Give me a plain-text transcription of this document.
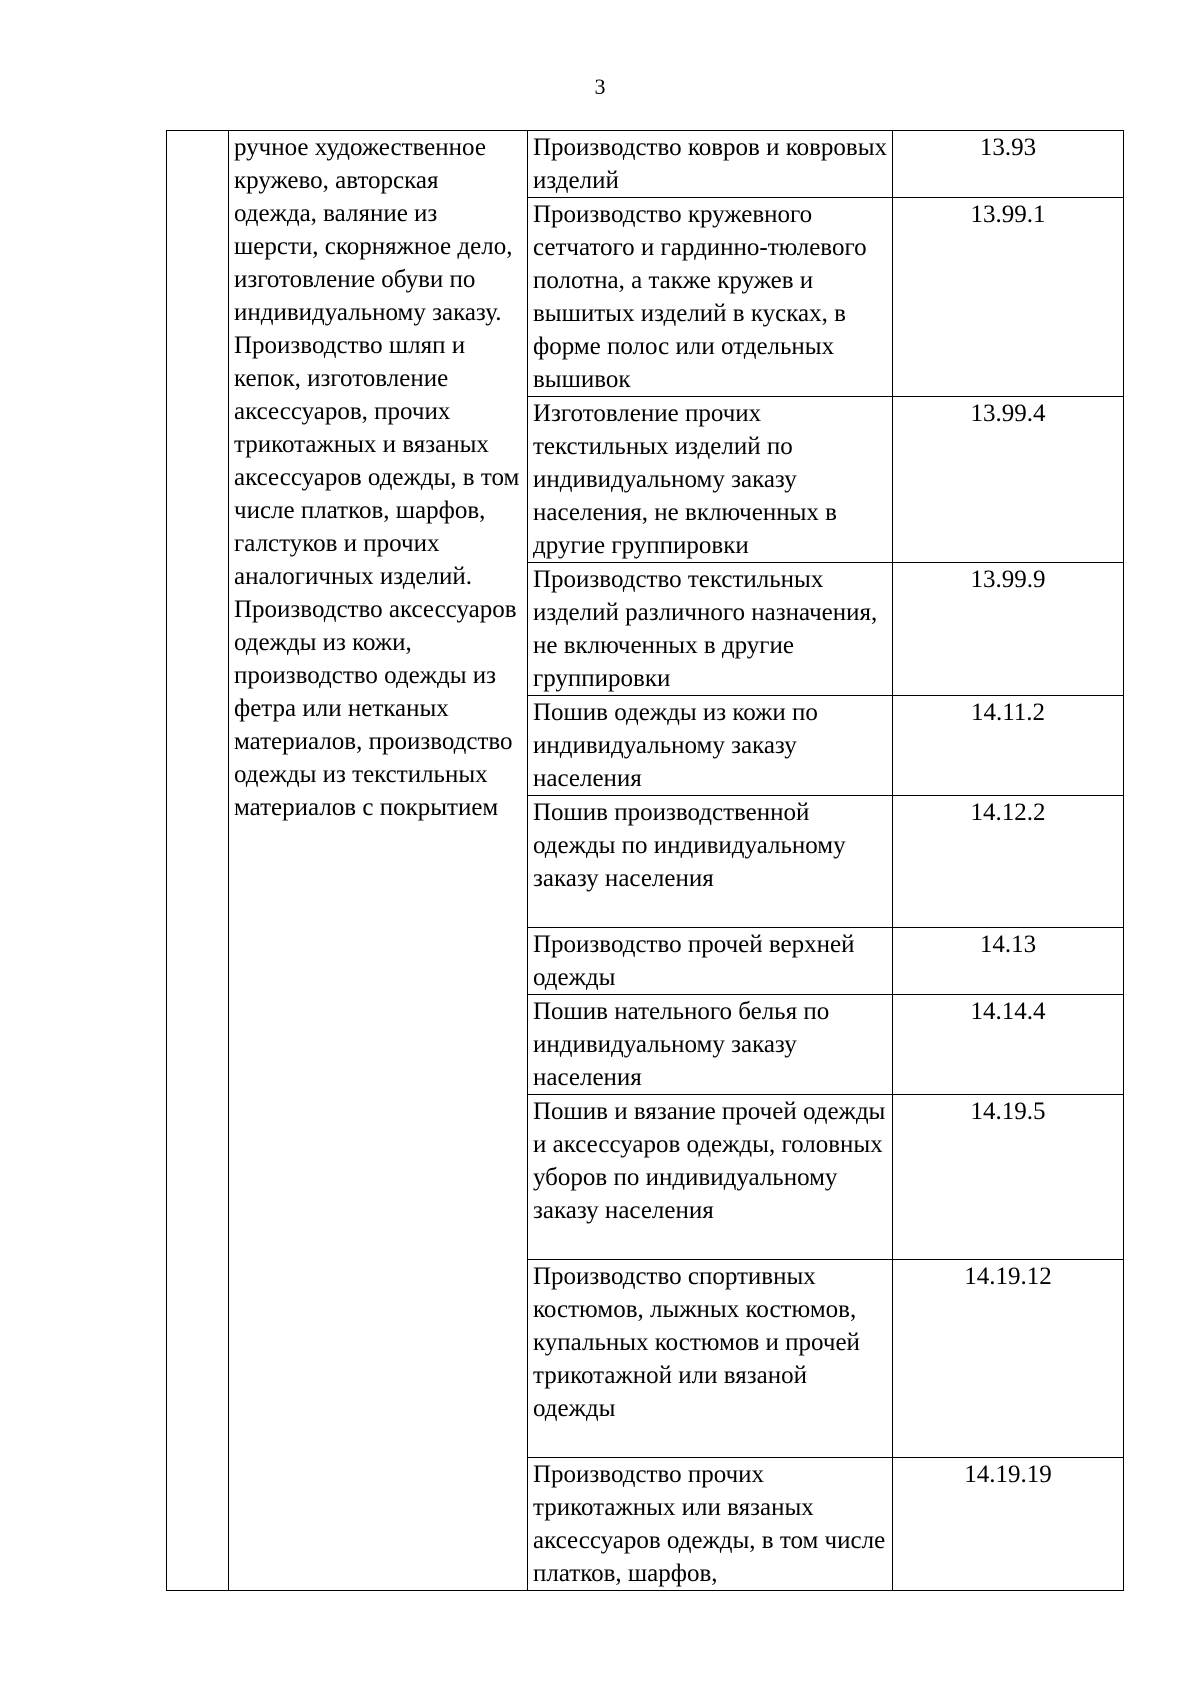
3

	ручное художественное кружево, авторская одежда, валяние из шерсти, скорняжное дело, изготовление обуви по индивидуальному заказу. Производство шляп и кепок, изготовление аксессуаров, прочих трикотажных и вязаных аксессуаров одежды, в том числе платков, шарфов, галстуков и прочих аналогичных изделий. Производство аксессуаров одежды из кожи, производство одежды из фетра или нетканых материалов, производство одежды из текстильных материалов с покрытием	Производство ковров и ковровых изделий	13.93

		Производство кружевного сетчатого и гардинно-тюлевого полотна, а также кружев и вышитых изделий в кусках, в форме полос или отдельных вышивок	13.99.1

		Изготовление прочих текстильных изделий по индивидуальному заказу населения, не включенных в другие группировки	13.99.4

		Производство текстильных изделий различного назначения, не включенных в другие группировки	13.99.9

		Пошив одежды из кожи по индивидуальному заказу населения	14.11.2

		Пошив производственной одежды по индивидуальному заказу населения	14.12.2

		Производство прочей верхней одежды	14.13

		Пошив нательного белья по индивидуальному заказу населения	14.14.4

		Пошив и вязание прочей одежды и аксессуаров одежды, головных уборов по индивидуальному заказу населения	14.19.5

		Производство спортивных костюмов, лыжных костюмов, купальных костюмов и прочей трикотажной или вязаной одежды	14.19.12

		Производство прочих трикотажных или вязаных аксессуаров одежды, в том числе платков, шарфов,	14.19.19
